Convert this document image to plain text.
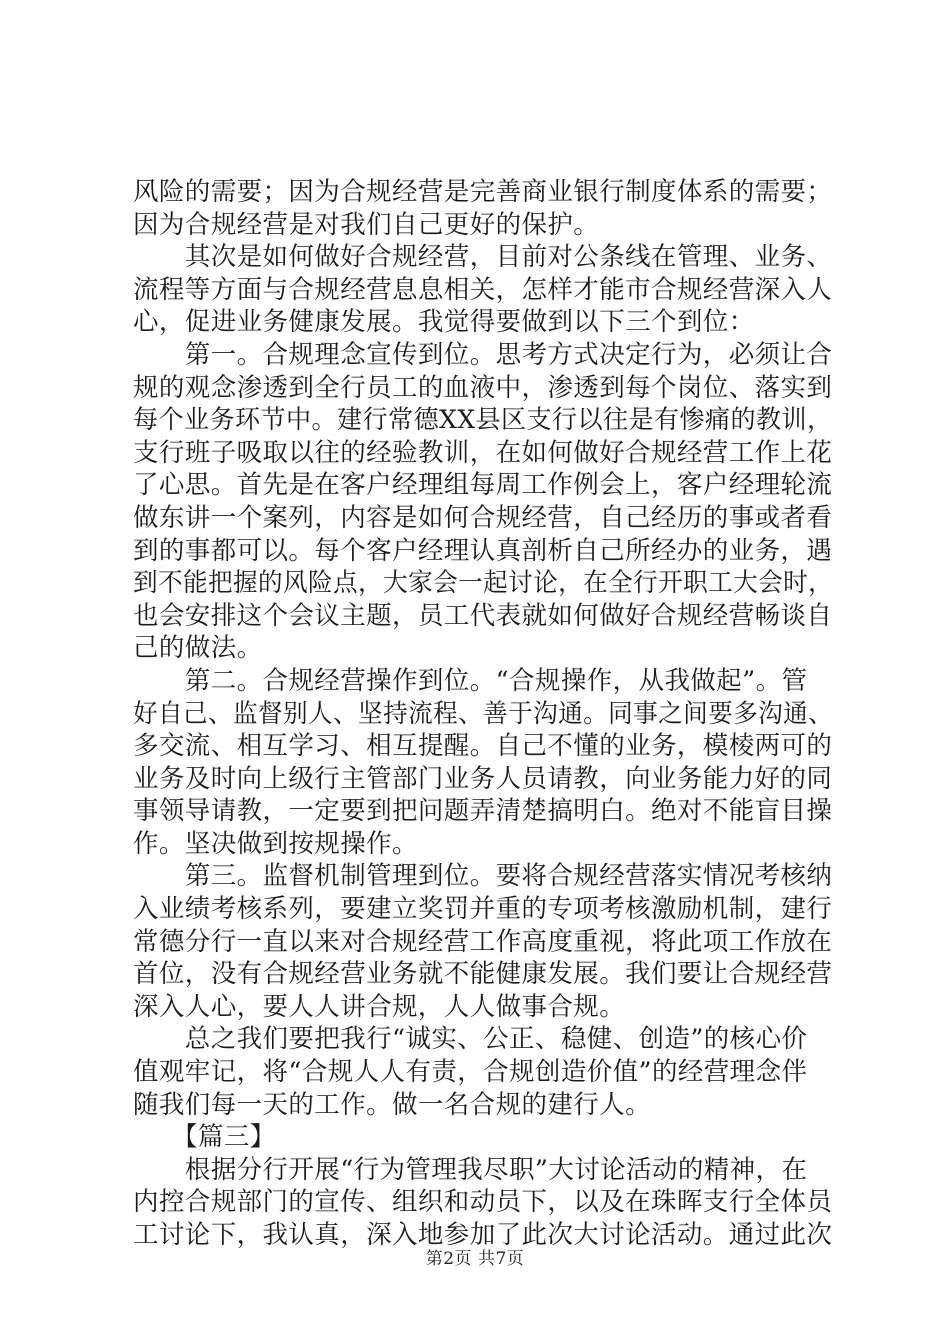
风险的需要；因为合规经营是完善商业银行制度体系的需要；
因为合规经营是对我们自己更好的保护。
　　其次是如何做好合规经营，目前对公条线在管理、业务、
流程等方面与合规经营息息相关，怎样才能市合规经营深入人
心，促进业务健康发展。我觉得要做到以下三个到位：
　　第一。合规理念宣传到位。思考方式决定行为，必须让合
规的观念渗透到全行员工的血液中，渗透到每个岗位、落实到
每个业务环节中。建行常德XX县区支行以往是有惨痛的教训，
支行班子吸取以往的经验教训，在如何做好合规经营工作上花
了心思。首先是在客户经理组每周工作例会上，客户经理轮流
做东讲一个案列，内容是如何合规经营，自己经历的事或者看
到的事都可以。每个客户经理认真剖析自己所经办的业务，遇
到不能把握的风险点，大家会一起讨论，在全行开职工大会时，
也会安排这个会议主题，员工代表就如何做好合规经营畅谈自
己的做法。
　　第二。合规经营操作到位。“合规操作，从我做起”。管
好自己、监督别人、坚持流程、善于沟通。同事之间要多沟通、
多交流、相互学习、相互提醒。自己不懂的业务，模棱两可的
业务及时向上级行主管部门业务人员请教，向业务能力好的同
事领导请教，一定要到把问题弄清楚搞明白。绝对不能盲目操
作。坚决做到按规操作。
　　第三。监督机制管理到位。要将合规经营落实情况考核纳
入业绩考核系列，要建立奖罚并重的专项考核激励机制，建行
常德分行一直以来对合规经营工作高度重视，将此项工作放在
首位，没有合规经营业务就不能健康发展。我们要让合规经营
深入人心，要人人讲合规，人人做事合规。
　　总之我们要把我行“诚实、公正、稳健、创造”的核心价
值观牢记，将“合规人人有责，合规创造价值”的经营理念伴
随我们每一天的工作。做一名合规的建行人。
　　【篇三】
　　根据分行开展“行为管理我尽职”大讨论活动的精神，在
内控合规部门的宣传、组织和动员下，以及在珠晖支行全体员
工讨论下，我认真，深入地参加了此次大讨论活动。通过此次
第2页 共7页
